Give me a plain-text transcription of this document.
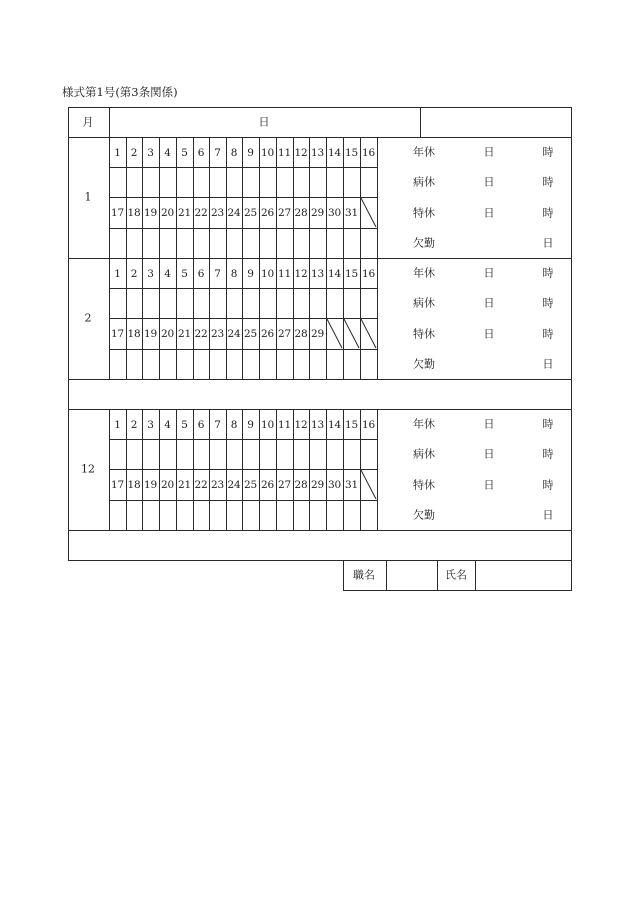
様式第1号(第3条関係)
月	日
1
1 2 3 4 5 6 7 8 9 10 11 12 13 14 15 16
17 18 19 20 21 22 23 24 25 26 27 28 29 30 31
年休	日	時
病休	日	時
特休	日	時
欠勤	日
2
1 2 3 4 5 6 7 8 9 10 11 12 13 14 15 16
17 18 19 20 21 22 23 24 25 26 27 28 29
年休	日	時
病休	日	時
特休	日	時
欠勤	日
12
1 2 3 4 5 6 7 8 9 10 11 12 13 14 15 16
17 18 19 20 21 22 23 24 25 26 27 28 29 30 31
年休	日	時
病休	日	時
特休	日	時
欠勤	日
職名	氏名
